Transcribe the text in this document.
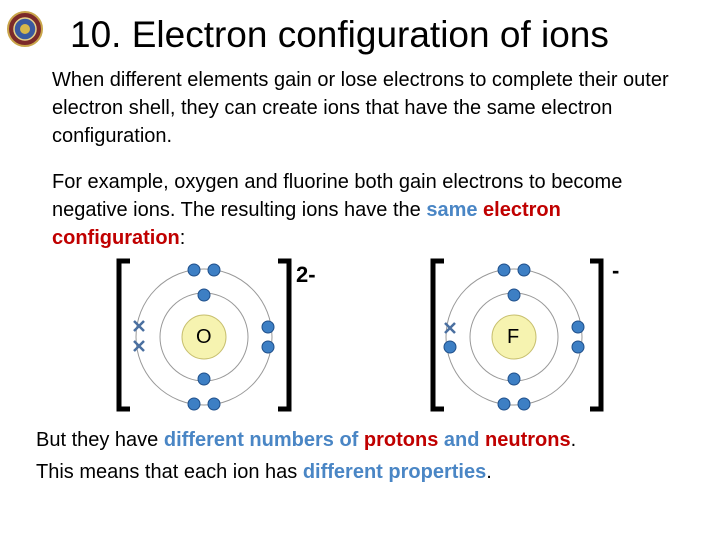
10. Electron configuration of ions
When different elements gain or lose electrons to complete their outer electron shell, they can create ions that have the same electron configuration.
For example, oxygen and fluorine both gain electrons to become negative ions. The resulting ions have the same electron configuration:
O	F
2-	-
But they have different numbers of protons and neutrons.
This means that each ion has different properties.
